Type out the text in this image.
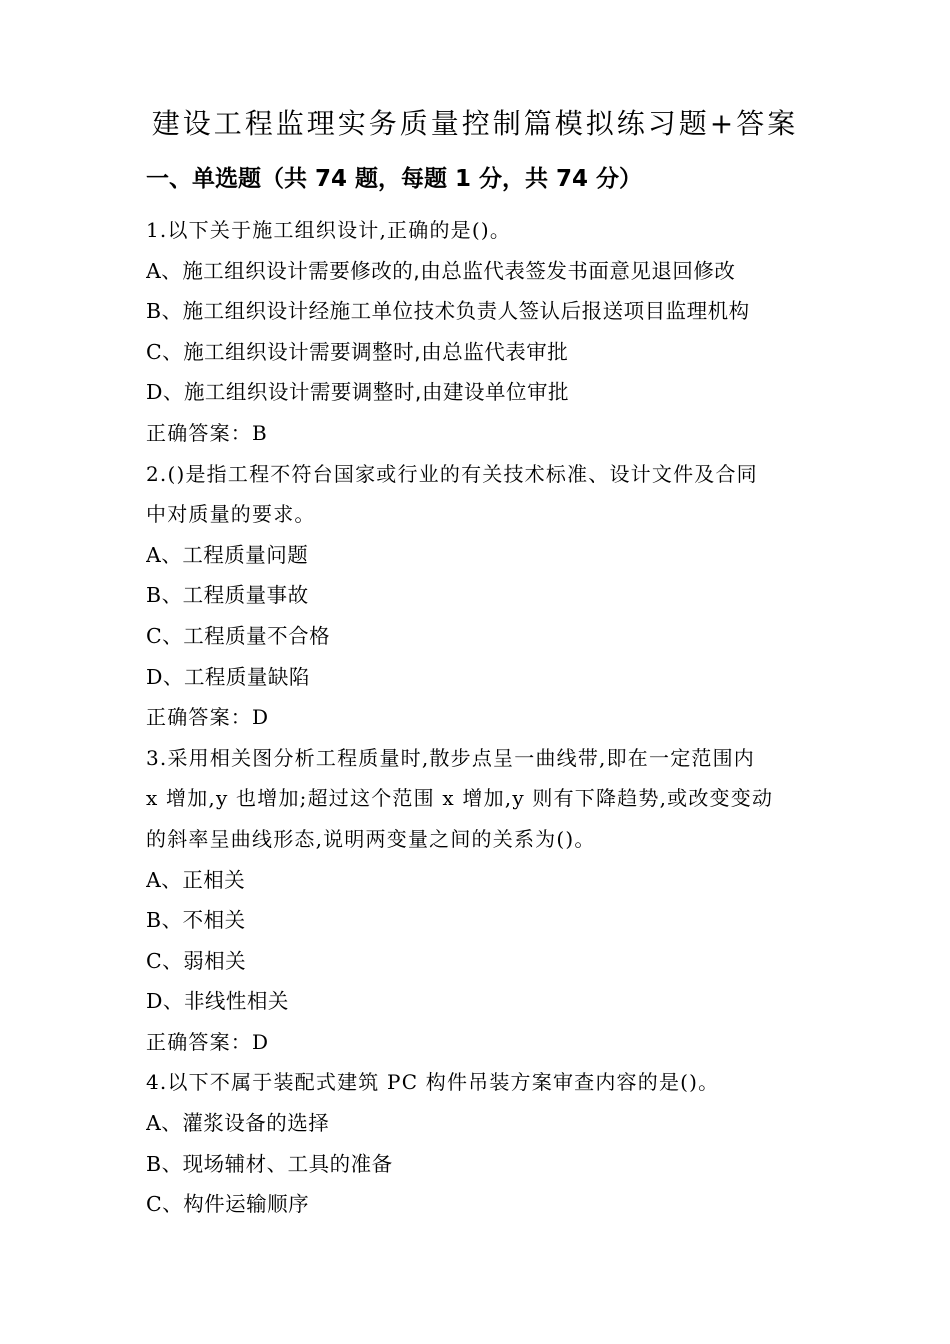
建设工程监理实务质量控制篇模拟练习题+答案
一、单选题（共 74 题，每题 1 分，共 74 分）
1.以下关于施工组织设计,正确的是()。
A、施工组织设计需要修改的,由总监代表签发书面意见退回修改
B、施工组织设计经施工单位技术负责人签认后报送项目监理机构
C、施工组织设计需要调整时,由总监代表审批
D、施工组织设计需要调整时,由建设单位审批
正确答案：B
2.()是指工程不符台国家或行业的有关技术标准、设计文件及合同
中对质量的要求。
A、工程质量问题
B、工程质量事故
C、工程质量不合格
D、工程质量缺陷
正确答案：D
3.采用相关图分析工程质量时,散步点呈一曲线带,即在一定范围内
x 增加,y 也增加;超过这个范围 x 增加,y 则有下降趋势,或改变变动
的斜率呈曲线形态,说明两变量之间的关系为()。
A、正相关
B、不相关
C、弱相关
D、非线性相关
正确答案：D
4.以下不属于装配式建筑 PC 构件吊装方案审查内容的是()。
A、灌浆设备的选择
B、现场辅材、工具的准备
C、构件运输顺序
